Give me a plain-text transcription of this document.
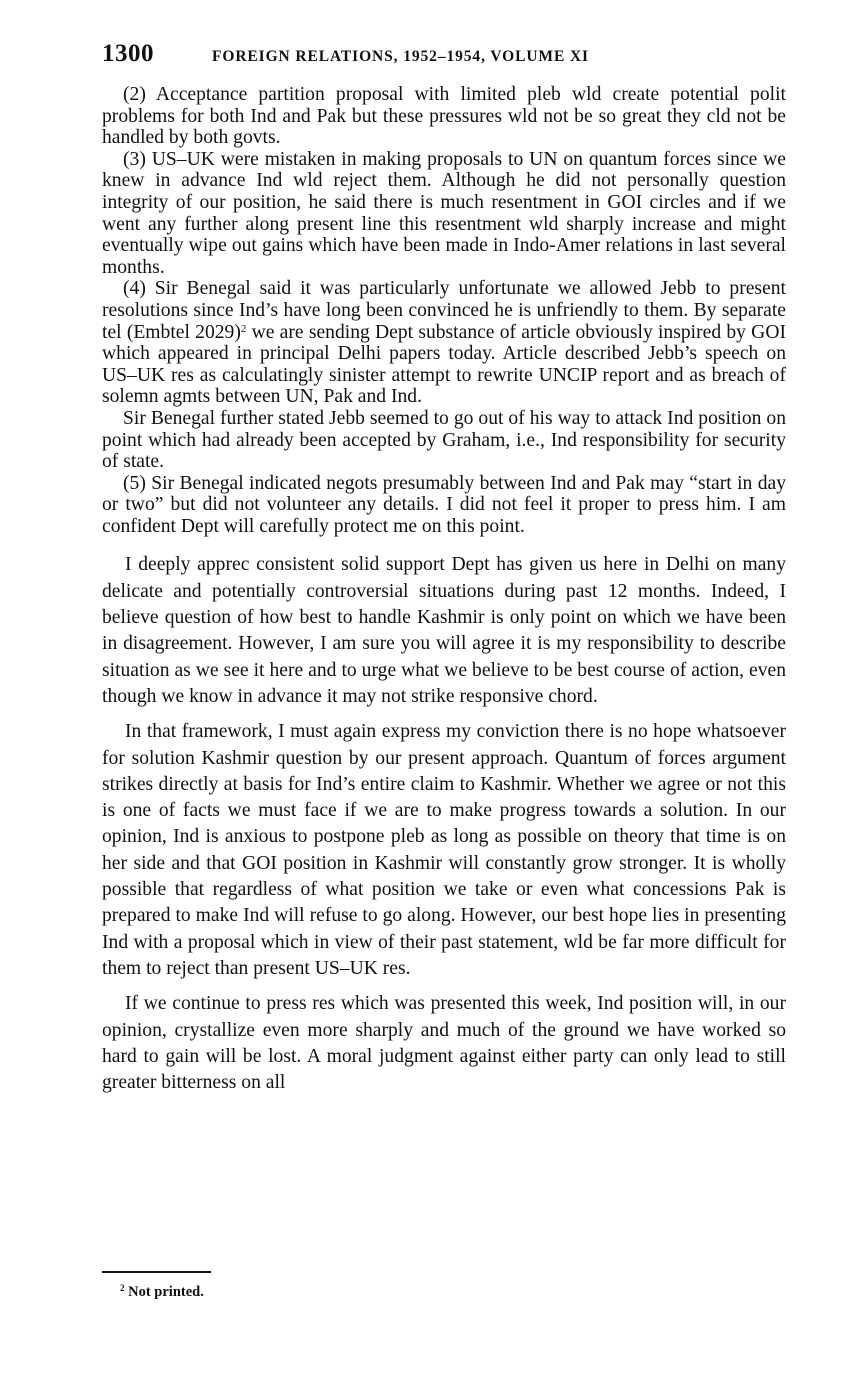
1300	FOREIGN RELATIONS, 1952–1954, VOLUME XI

(2) Acceptance partition proposal with limited pleb wld create potential polit problems for both Ind and Pak but these pressures wld not be so great they cld not be handled by both govts.

(3) US–UK were mistaken in making proposals to UN on quantum forces since we knew in advance Ind wld reject them. Although he did not personally question integrity of our position, he said there is much resentment in GOI circles and if we went any further along present line this resentment wld sharply increase and might eventually wipe out gains which have been made in Indo-Amer relations in last several months.

(4) Sir Benegal said it was particularly unfortunate we allowed Jebb to present resolutions since Ind’s have long been convinced he is unfriendly to them. By separate tel (Embtel 2029)$^2$ we are sending Dept substance of article obviously inspired by GOI which appeared in principal Delhi papers today. Article described Jebb’s speech on US–UK res as calculatingly sinister attempt to rewrite UNCIP report and as breach of solemn agmts between UN, Pak and Ind.

Sir Benegal further stated Jebb seemed to go out of his way to attack Ind position on point which had already been accepted by Graham, i.e., Ind responsibility for security of state.

(5) Sir Benegal indicated negots presumably between Ind and Pak may “start in day or two” but did not volunteer any details. I did not feel it proper to press him. I am confident Dept will carefully protect me on this point.

I deeply apprec consistent solid support Dept has given us here in Delhi on many delicate and potentially controversial situations during past 12 months. Indeed, I believe question of how best to handle Kashmir is only point on which we have been in disagreement. However, I am sure you will agree it is my responsibility to describe situation as we see it here and to urge what we believe to be best course of action, even though we know in advance it may not strike responsive chord.

In that framework, I must again express my conviction there is no hope whatsoever for solution Kashmir question by our present approach. Quantum of forces argument strikes directly at basis for Ind’s entire claim to Kashmir. Whether we agree or not this is one of facts we must face if we are to make progress towards a solution. In our opinion, Ind is anxious to postpone pleb as long as possible on theory that time is on her side and that GOI position in Kashmir will constantly grow stronger. It is wholly possible that regardless of what position we take or even what concessions Pak is prepared to make Ind will refuse to go along. However, our best hope lies in presenting Ind with a proposal which in view of their past statement, wld be far more difficult for them to reject than present US–UK res.

If we continue to press res which was presented this week, Ind position will, in our opinion, crystallize even more sharply and much of the ground we have worked so hard to gain will be lost. A moral judgment against either party can only lead to still greater bitterness on all

$^2$ Not printed.
